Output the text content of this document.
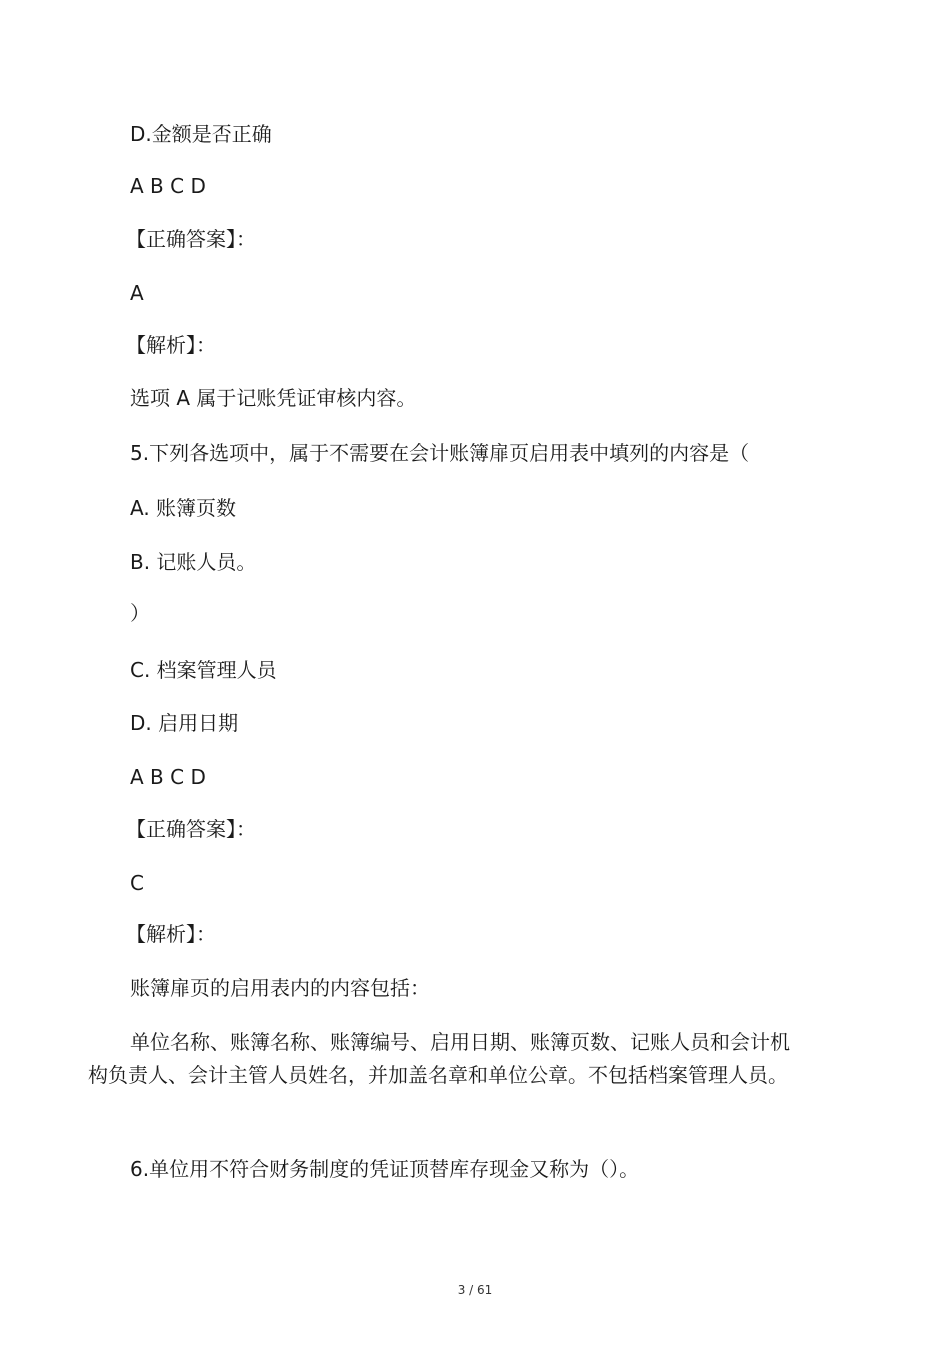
D.金额是否正确
A B C D
【正确答案】：
A
【解析】：
选项 A 属于记账凭证审核内容。
5.下列各选项中，属于不需要在会计账簿扉页启用表中填列的内容是（
A. 账簿页数
B. 记账人员。
）
C. 档案管理人员
D. 启用日期
A B C D
【正确答案】：
C
【解析】：
账簿扉页的启用表内的内容包括：
单位名称、账簿名称、账簿编号、启用日期、账簿页数、记账人员和会计机构负责人、会计主管人员姓名，并加盖名章和单位公章。不包括档案管理人员。
6.单位用不符合财务制度的凭证顶替库存现金又称为（）。
3 / 61
